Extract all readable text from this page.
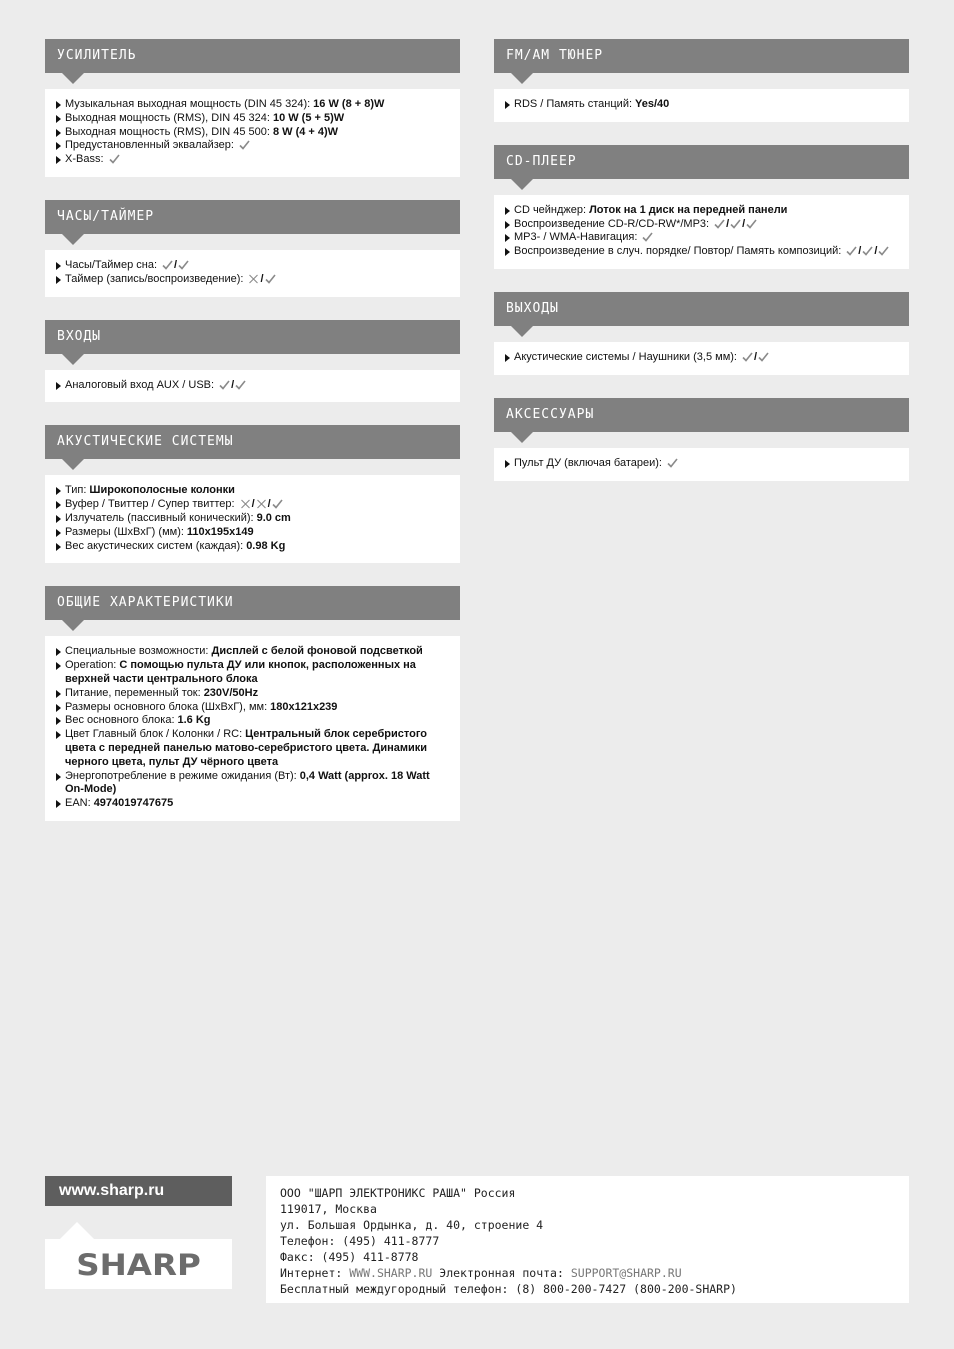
УСИЛИТЕЛЬ
Музыкальная выходная мощность (DIN 45 324): 16 W (8 + 8)W
Выходная мощность (RMS), DIN 45 324: 10 W (5 + 5)W
Выходная мощность (RMS), DIN 45 500: 8 W (4 + 4)W
Предустановленный эквалайзер:
X-Bass:
ЧАСЫ/ТАЙМЕР
Часы/Таймер сна: /
Таймер (запись/воспроизведение): /
ВХОДЫ
Аналоговый вход AUX / USB: /
АКУСТИЧЕСКИЕ СИСТЕМЫ
Тип: Широкополосные колонки
Вуфер / Твиттер / Супер твиттер: / /
Излучатель (пассивный конический): 9.0 cm
Размеры (ШхВхГ) (мм): 110x195x149
Вес акустических систем (каждая): 0.98 Kg
ОБЩИЕ ХАРАКТЕРИСТИКИ
Специальные возможности: Дисплей с белой фоновой подсветкой
Operation: С помощью пульта ДУ или кнопок, расположенных на верхней части центрального блока
Питание, переменный ток: 230V/50Hz
Размеры основного блока (ШхВхГ), мм: 180x121x239
Вес основного блока: 1.6 Kg
Цвет Главный блок / Колонки / RC: Центральный блок серебристого цвета с передней панелью матово-серебристого цвета. Динамики черного цвета, пульт ДУ чёрного цвета
Энергопотребление в режиме ожидания (Вт): 0,4 Watt (approx. 18 Watt On-Mode)
EAN: 4974019747675
FM/AM ТЮНЕР
RDS / Память станций: Yes/40
CD-ПЛЕЕР
CD чейнджер: Лоток на 1 диск на передней панели
Воспроизведение CD-R/CD-RW*/MP3: / /
MP3- / WMA-Навигация:
Воспроизведение в случ. порядке/ Повтор/ Память композиций: / /
ВЫХОДЫ
Акустические системы / Наушники (3,5 мм): /
АКСЕССУАРЫ
Пульт ДУ (включая батареи):
www.sharp.ru
SHARP
ООО "ШАРП ЭЛЕКТРОНИКС РАША" Россия
119017, Москва
ул. Большая Ордынка, д. 40, строение 4
Телефон: (495) 411-8777
Факс: (495) 411-8778
Интернет: WWW.SHARP.RU Электронная почта: SUPPORT@SHARP.RU
Бесплатный междугородный телефон: (8) 800-200-7427 (800-200-SHARP)
